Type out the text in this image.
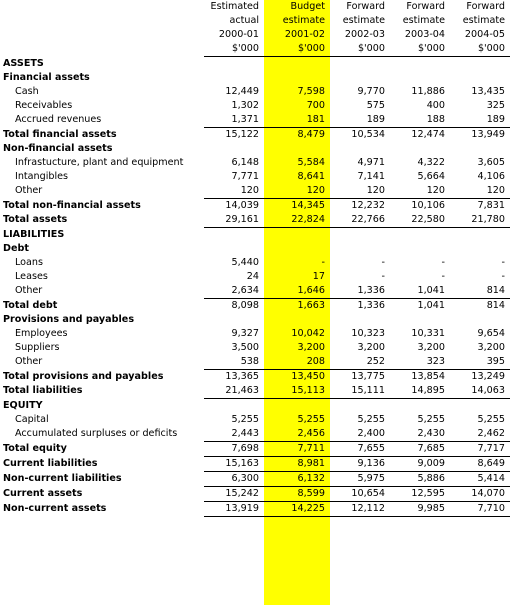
	Estimated	Budget	Forward	Forward	Forward
	actual	estimate	estimate	estimate	estimate
	2000-01	2001-02	2002-03	2003-04	2004-05
	$'000	$'000	$'000	$'000	$'000
ASSETS					
Financial assets					
Cash	12,449	7,598	9,770	11,886	13,435
Receivables	1,302	700	575	400	325
Accrued revenues	1,371	181	189	188	189
Total financial assets	15,122	8,479	10,534	12,474	13,949
Non-financial assets					
Infrastucture, plant and equipment	6,148	5,584	4,971	4,322	3,605
Intangibles	7,771	8,641	7,141	5,664	4,106
Other	120	120	120	120	120
Total non-financial assets	14,039	14,345	12,232	10,106	7,831
Total assets	29,161	22,824	22,766	22,580	21,780
LIABILITIES					
Debt					
Loans	5,440	-	-	-	-
Leases	24	17	-	-	-
Other	2,634	1,646	1,336	1,041	814
Total debt	8,098	1,663	1,336	1,041	814
Provisions and payables					
Employees	9,327	10,042	10,323	10,331	9,654
Suppliers	3,500	3,200	3,200	3,200	3,200
Other	538	208	252	323	395
Total provisions and payables	13,365	13,450	13,775	13,854	13,249
Total liabilities	21,463	15,113	15,111	14,895	14,063
EQUITY					
Capital	5,255	5,255	5,255	5,255	5,255
Accumulated surpluses or deficits	2,443	2,456	2,400	2,430	2,462
Total equity	7,698	7,711	7,655	7,685	7,717
Current liabilities	15,163	8,981	9,136	9,009	8,649
Non-current liabilities	6,300	6,132	5,975	5,886	5,414
Current assets	15,242	8,599	10,654	12,595	14,070
Non-current assets	13,919	14,225	12,112	9,985	7,710
